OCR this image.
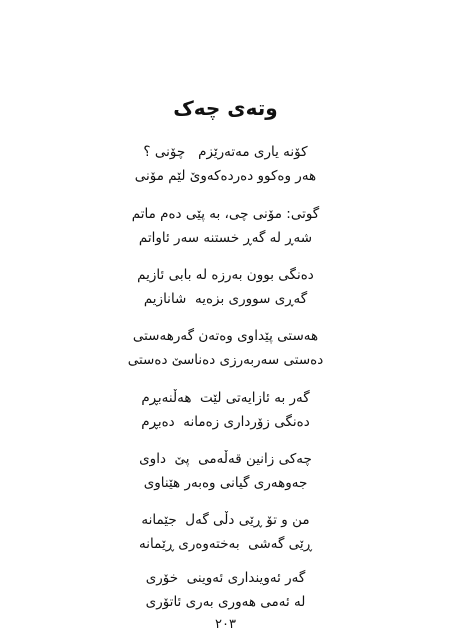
وتەی چەک
کۆنە یاری مەتەرێزم   چۆنی ؟
هەر وەکوو دەردەکەوێ لێم مۆنی
گوتی: مۆنی چی، بە پێی دەم ماتم
شەڕ لە گەڕ خستنە سەر ئاواتم
دەنگی بوون بەرزە لە بابی ئازیم
گەڕی سووری بزەیە  شانازیم
هەستی پێداوی وەتەن گەرهەستی
دەستی سەربەرزی دەناسێ دەستی
گەر بە ئازایەتی لێت  هەڵنەبڕم
دەنگی زۆرداری زەمانە  دەبڕم
چەکی زانین قەڵەمی  پێ  داوی
جەوهەری گیانی وەبەر هێناوی
من و تۆ ڕێی دڵی گەل  جێمانە
ڕێی گەشی  بەختەوەری ڕێمانە
گەر ئەوینداری ئەوینی  خۆری
لە ئەمی هەوری بەری ئاتۆری
٢٠٣
